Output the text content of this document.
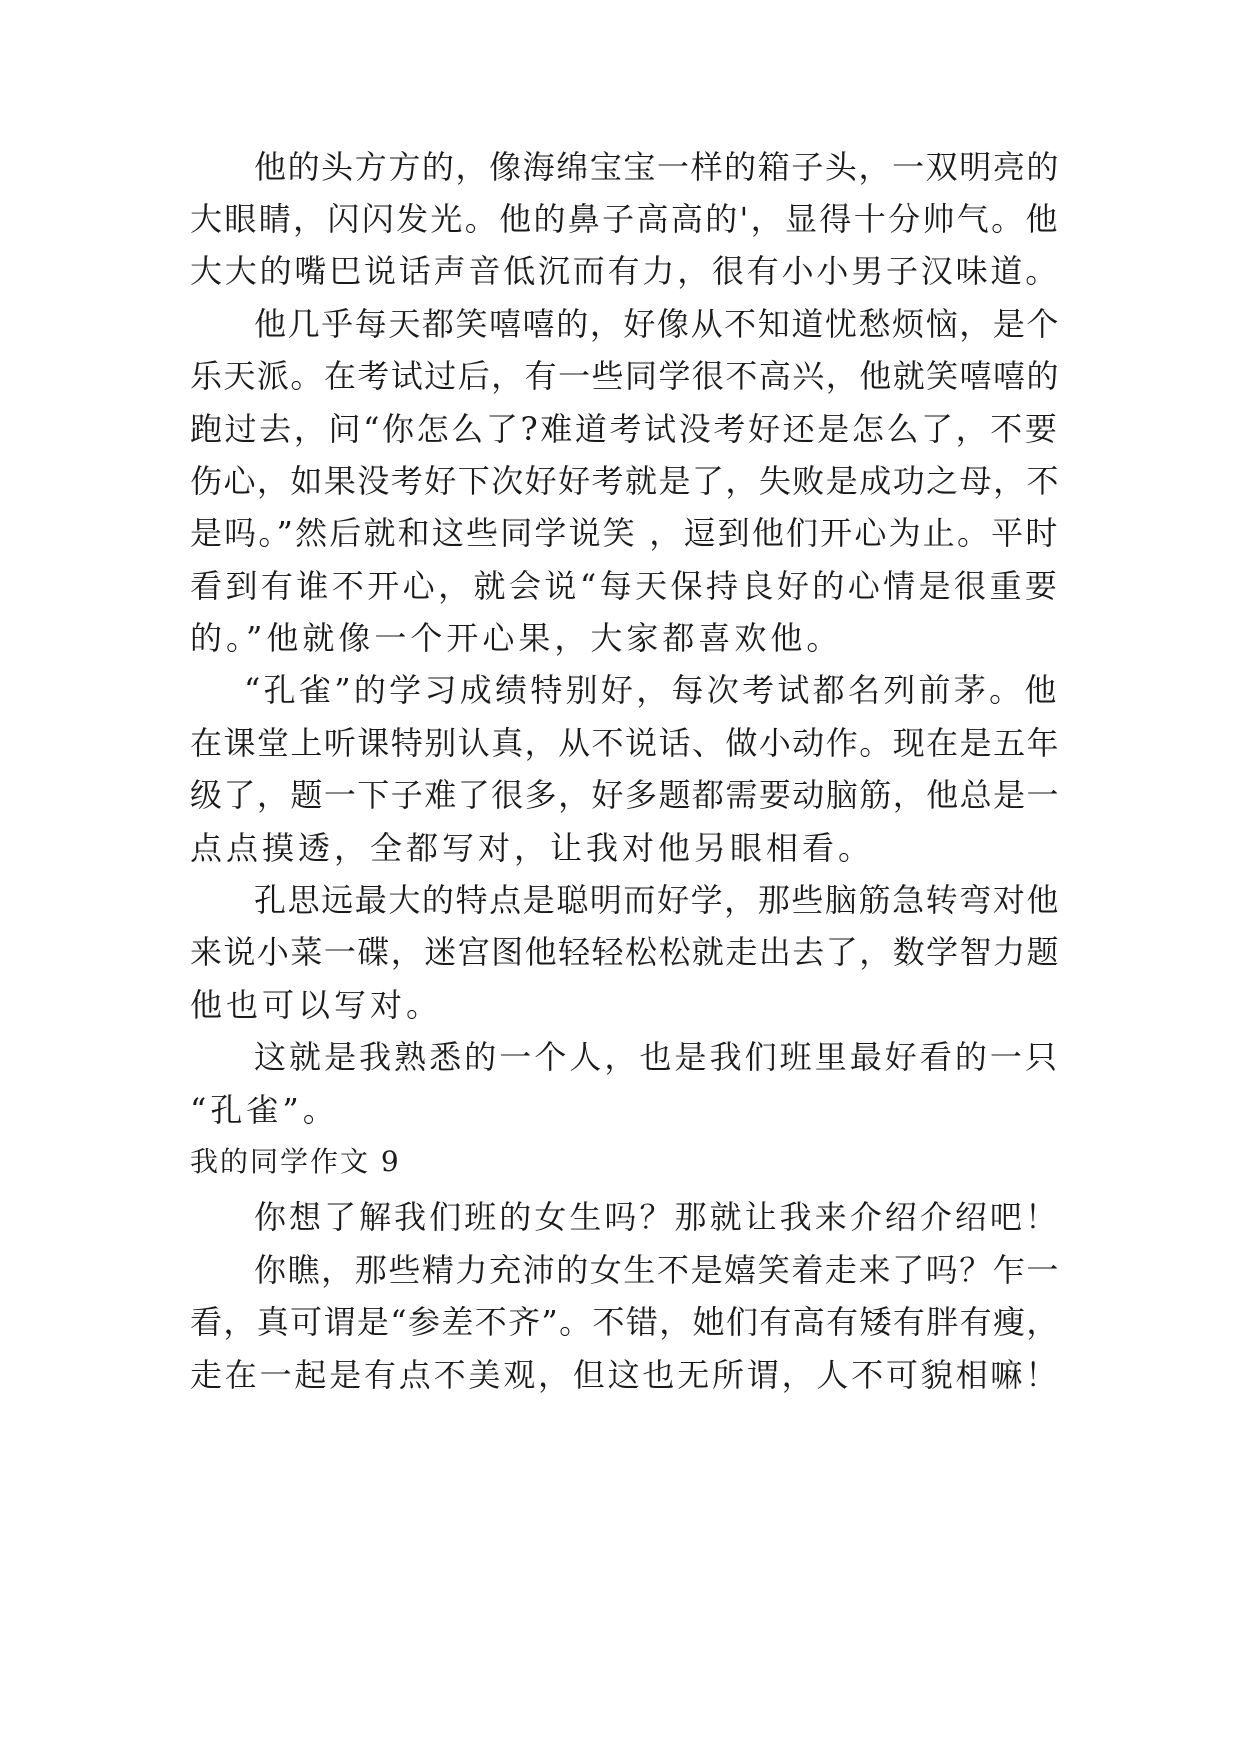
他的头方方的，像海绵宝宝一样的箱子头，一双明亮的
大眼睛，闪闪发光。他的鼻子高高的'，显得十分帅气。他
大大的嘴巴说话声音低沉而有力，很有小小男子汉味道。
他几乎每天都笑嘻嘻的，好像从不知道忧愁烦恼，是个
乐天派。在考试过后，有一些同学很不高兴，他就笑嘻嘻的
跑过去，问“你怎么了?难道考试没考好还是怎么了，不要
伤心，如果没考好下次好好考就是了，失败是成功之母，不
是吗。”然后就和这些同学说笑 ，逗到他们开心为止。平时
看到有谁不开心，就会说“每天保持良好的心情是很重要
的。”他就像一个开心果，大家都喜欢他。
“孔雀”的学习成绩特别好，每次考试都名列前茅。他
在课堂上听课特别认真，从不说话、做小动作。现在是五年
级了，题一下子难了很多，好多题都需要动脑筋，他总是一
点点摸透，全都写对，让我对他另眼相看。
孔思远最大的特点是聪明而好学，那些脑筋急转弯对他
来说小菜一碟，迷宫图他轻轻松松就走出去了，数学智力题
他也可以写对。
这就是我熟悉的一个人，也是我们班里最好看的一只
“孔雀”。
我的同学作文 9
你想了解我们班的女生吗？那就让我来介绍介绍吧！
你瞧，那些精力充沛的女生不是嬉笑着走来了吗？乍一
看，真可谓是“参差不齐”。不错，她们有高有矮有胖有瘦，
走在一起是有点不美观，但这也无所谓，人不可貌相嘛！
